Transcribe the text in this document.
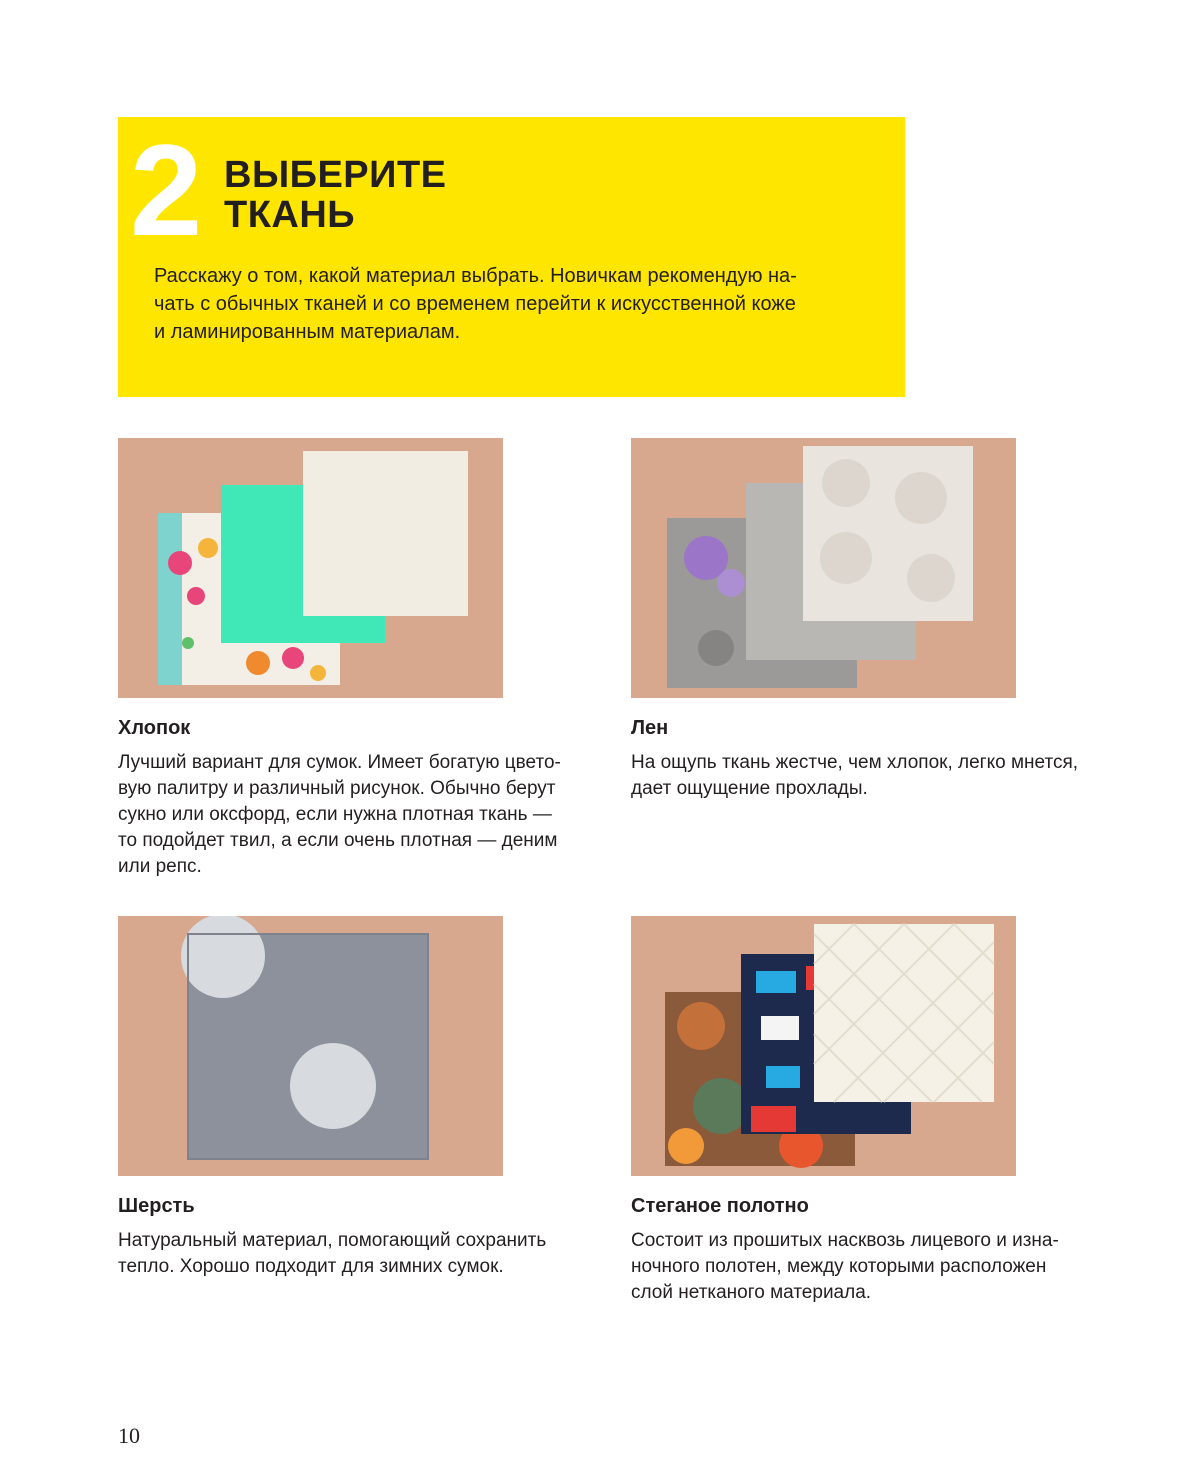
2 ВЫБЕРИТЕ
ТКАНЬ
Расскажу о том, какой материал выбрать. Новичкам рекомендую на-
чать с обычных тканей и со временем перейти к искусственной коже
и ламинированным материалам.
Хлопок
Лучший вариант для сумок. Имеет богатую цвето-
вую палитру и различный рисунок. Обычно берут
сукно или оксфорд, если нужна плотная ткань —
то подойдет твил, а если очень плотная — деним
или репс.
Лен
На ощупь ткань жестче, чем хлопок, легко мнется,
дает ощущение прохлады.
Шерсть
Натуральный материал, помогающий сохранить
тепло. Хорошо подходит для зимних сумок.
Стеганое полотно
Состоит из прошитых насквозь лицевого и изна-
ночного полотен, между которыми расположен
слой нетканого материала.
10
